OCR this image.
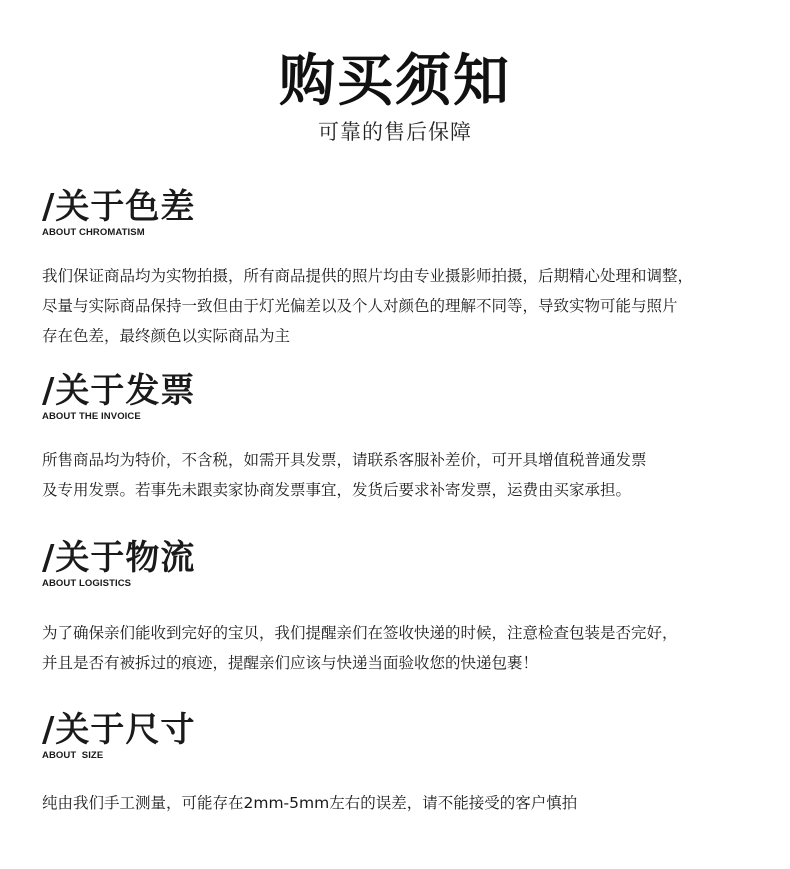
购买须知

可靠的售后保障

/关于色差

ABOUT CHROMATISM

我们保证商品均为实物拍摄，所有商品提供的照片均由专业摄影师拍摄，后期精心处理和调整，
尽量与实际商品保持一致但由于灯光偏差以及个人对颜色的理解不同等，导致实物可能与照片
存在色差，最终颜色以实际商品为主

/关于发票

ABOUT THE INVOICE

所售商品均为特价，不含税，如需开具发票，请联系客服补差价，可开具增值税普通发票
及专用发票。若事先未跟卖家协商发票事宜，发货后要求补寄发票，运费由买家承担。

/关于物流

ABOUT LOGISTICS

为了确保亲们能收到完好的宝贝，我们提醒亲们在签收快递的时候，注意检查包装是否完好，
并且是否有被拆过的痕迹，提醒亲们应该与快递当面验收您的快递包裹！

/关于尺寸

ABOUT  SIZE

纯由我们手工测量，可能存在2mm-5mm左右的误差，请不能接受的客户慎拍
